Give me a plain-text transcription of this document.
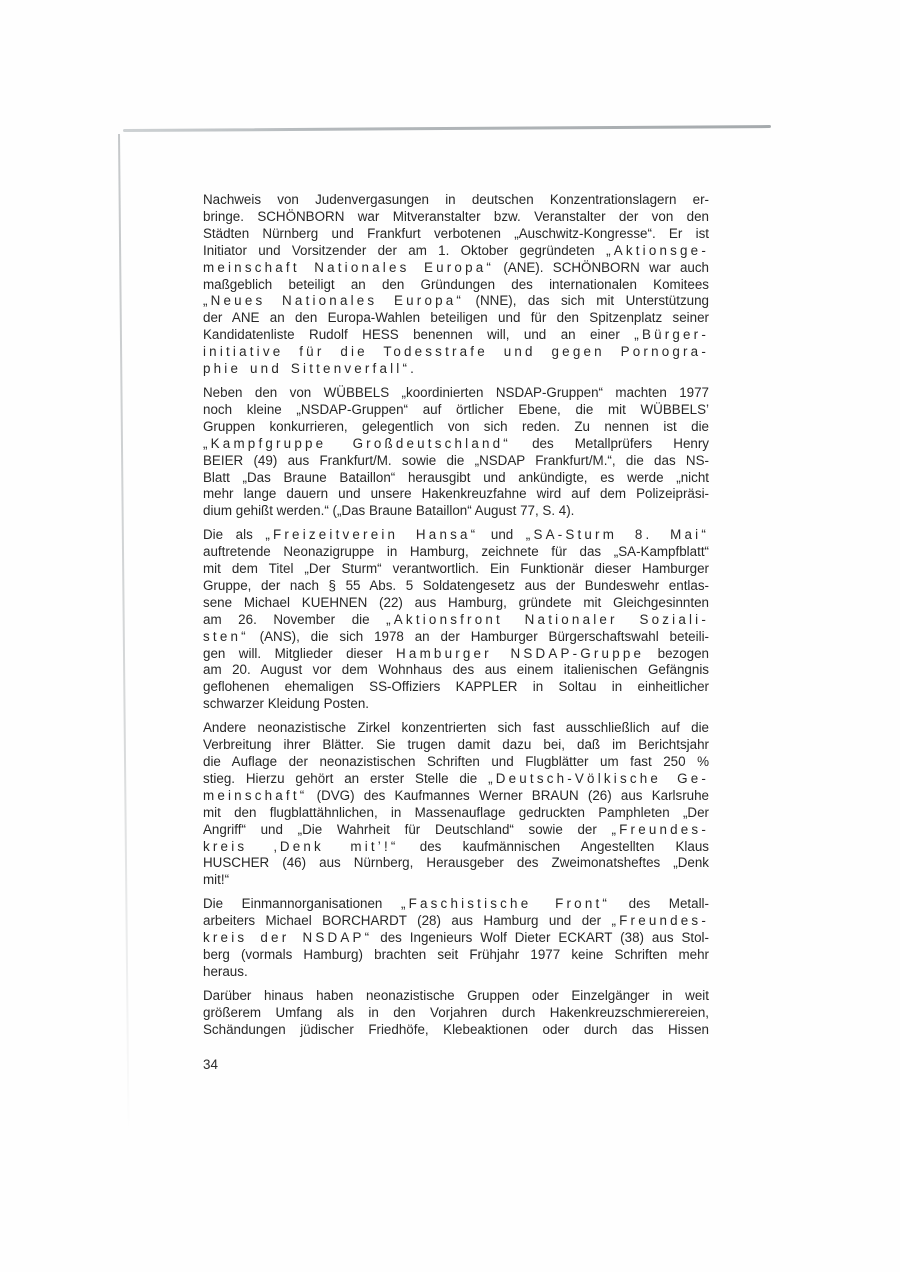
Nachweis von Judenvergasungen in deutschen Konzentrationslagern er-
bringe. SCHÖNBORN war Mitveranstalter bzw. Veranstalter der von den
Städten Nürnberg und Frankfurt verbotenen „Auschwitz-Kongresse“. Er ist
Initiator und Vorsitzender der am 1. Oktober gegründeten „Aktionsge-
meinschaft Nationales Europa“ (ANE). SCHÖNBORN war auch
maßgeblich beteiligt an den Gründungen des internationalen Komitees
„Neues Nationales Europa“ (NNE), das sich mit Unterstützung
der ANE an den Europa-Wahlen beteiligen und für den Spitzenplatz seiner
Kandidatenliste Rudolf HESS benennen will, und an einer „Bürger-
initiative für die Todesstrafe und gegen Pornogra-
phie und Sittenverfall“.

Neben den von WÜBBELS „koordinierten NSDAP-Gruppen“ machten 1977
noch kleine „NSDAP-Gruppen“ auf örtlicher Ebene, die mit WÜBBELS’
Gruppen konkurrieren, gelegentlich von sich reden. Zu nennen ist die
„Kampfgruppe Großdeutschland“ des Metallprüfers Henry
BEIER (49) aus Frankfurt/M. sowie die „NSDAP Frankfurt/M.“, die das NS-
Blatt „Das Braune Bataillon“ herausgibt und ankündigte, es werde „nicht
mehr lange dauern und unsere Hakenkreuzfahne wird auf dem Polizeipräsi-
dium gehißt werden.“ („Das Braune Bataillon“ August 77, S. 4).

Die als „Freizeitverein Hansa“ und „SA-Sturm 8. Mai“
auftretende Neonazigruppe in Hamburg, zeichnete für das „SA-Kampfblatt“
mit dem Titel „Der Sturm“ verantwortlich. Ein Funktionär dieser Hamburger
Gruppe, der nach § 55 Abs. 5 Soldatengesetz aus der Bundeswehr entlas-
sene Michael KUEHNEN (22) aus Hamburg, gründete mit Gleichgesinnten
am 26. November die „Aktionsfront Nationaler Soziali-
sten“ (ANS), die sich 1978 an der Hamburger Bürgerschaftswahl beteili-
gen will. Mitglieder dieser Hamburger NSDAP-Gruppe bezogen
am 20. August vor dem Wohnhaus des aus einem italienischen Gefängnis
geflohenen ehemaligen SS-Offiziers KAPPLER in Soltau in einheitlicher
schwarzer Kleidung Posten.

Andere neonazistische Zirkel konzentrierten sich fast ausschließlich auf die
Verbreitung ihrer Blätter. Sie trugen damit dazu bei, daß im Berichtsjahr
die Auflage der neonazistischen Schriften und Flugblätter um fast 250 %
stieg. Hierzu gehört an erster Stelle die „Deutsch-Völkische Ge-
meinschaft“ (DVG) des Kaufmannes Werner BRAUN (26) aus Karlsruhe
mit den flugblattähnlichen, in Massenauflage gedruckten Pamphleten „Der
Angriff“ und „Die Wahrheit für Deutschland“ sowie der „Freundes-
kreis ‚Denk mit’!“ des kaufmännischen Angestellten Klaus
HUSCHER (46) aus Nürnberg, Herausgeber des Zweimonatsheftes „Denk
mit!“

Die Einmannorganisationen „Faschistische Front“ des Metall-
arbeiters Michael BORCHARDT (28) aus Hamburg und der „Freundes-
kreis der NSDAP“ des Ingenieurs Wolf Dieter ECKART (38) aus Stol-
berg (vormals Hamburg) brachten seit Frühjahr 1977 keine Schriften mehr
heraus.

Darüber hinaus haben neonazistische Gruppen oder Einzelgänger in weit
größerem Umfang als in den Vorjahren durch Hakenkreuzschmierereien,
Schändungen jüdischer Friedhöfe, Klebeaktionen oder durch das Hissen

34
